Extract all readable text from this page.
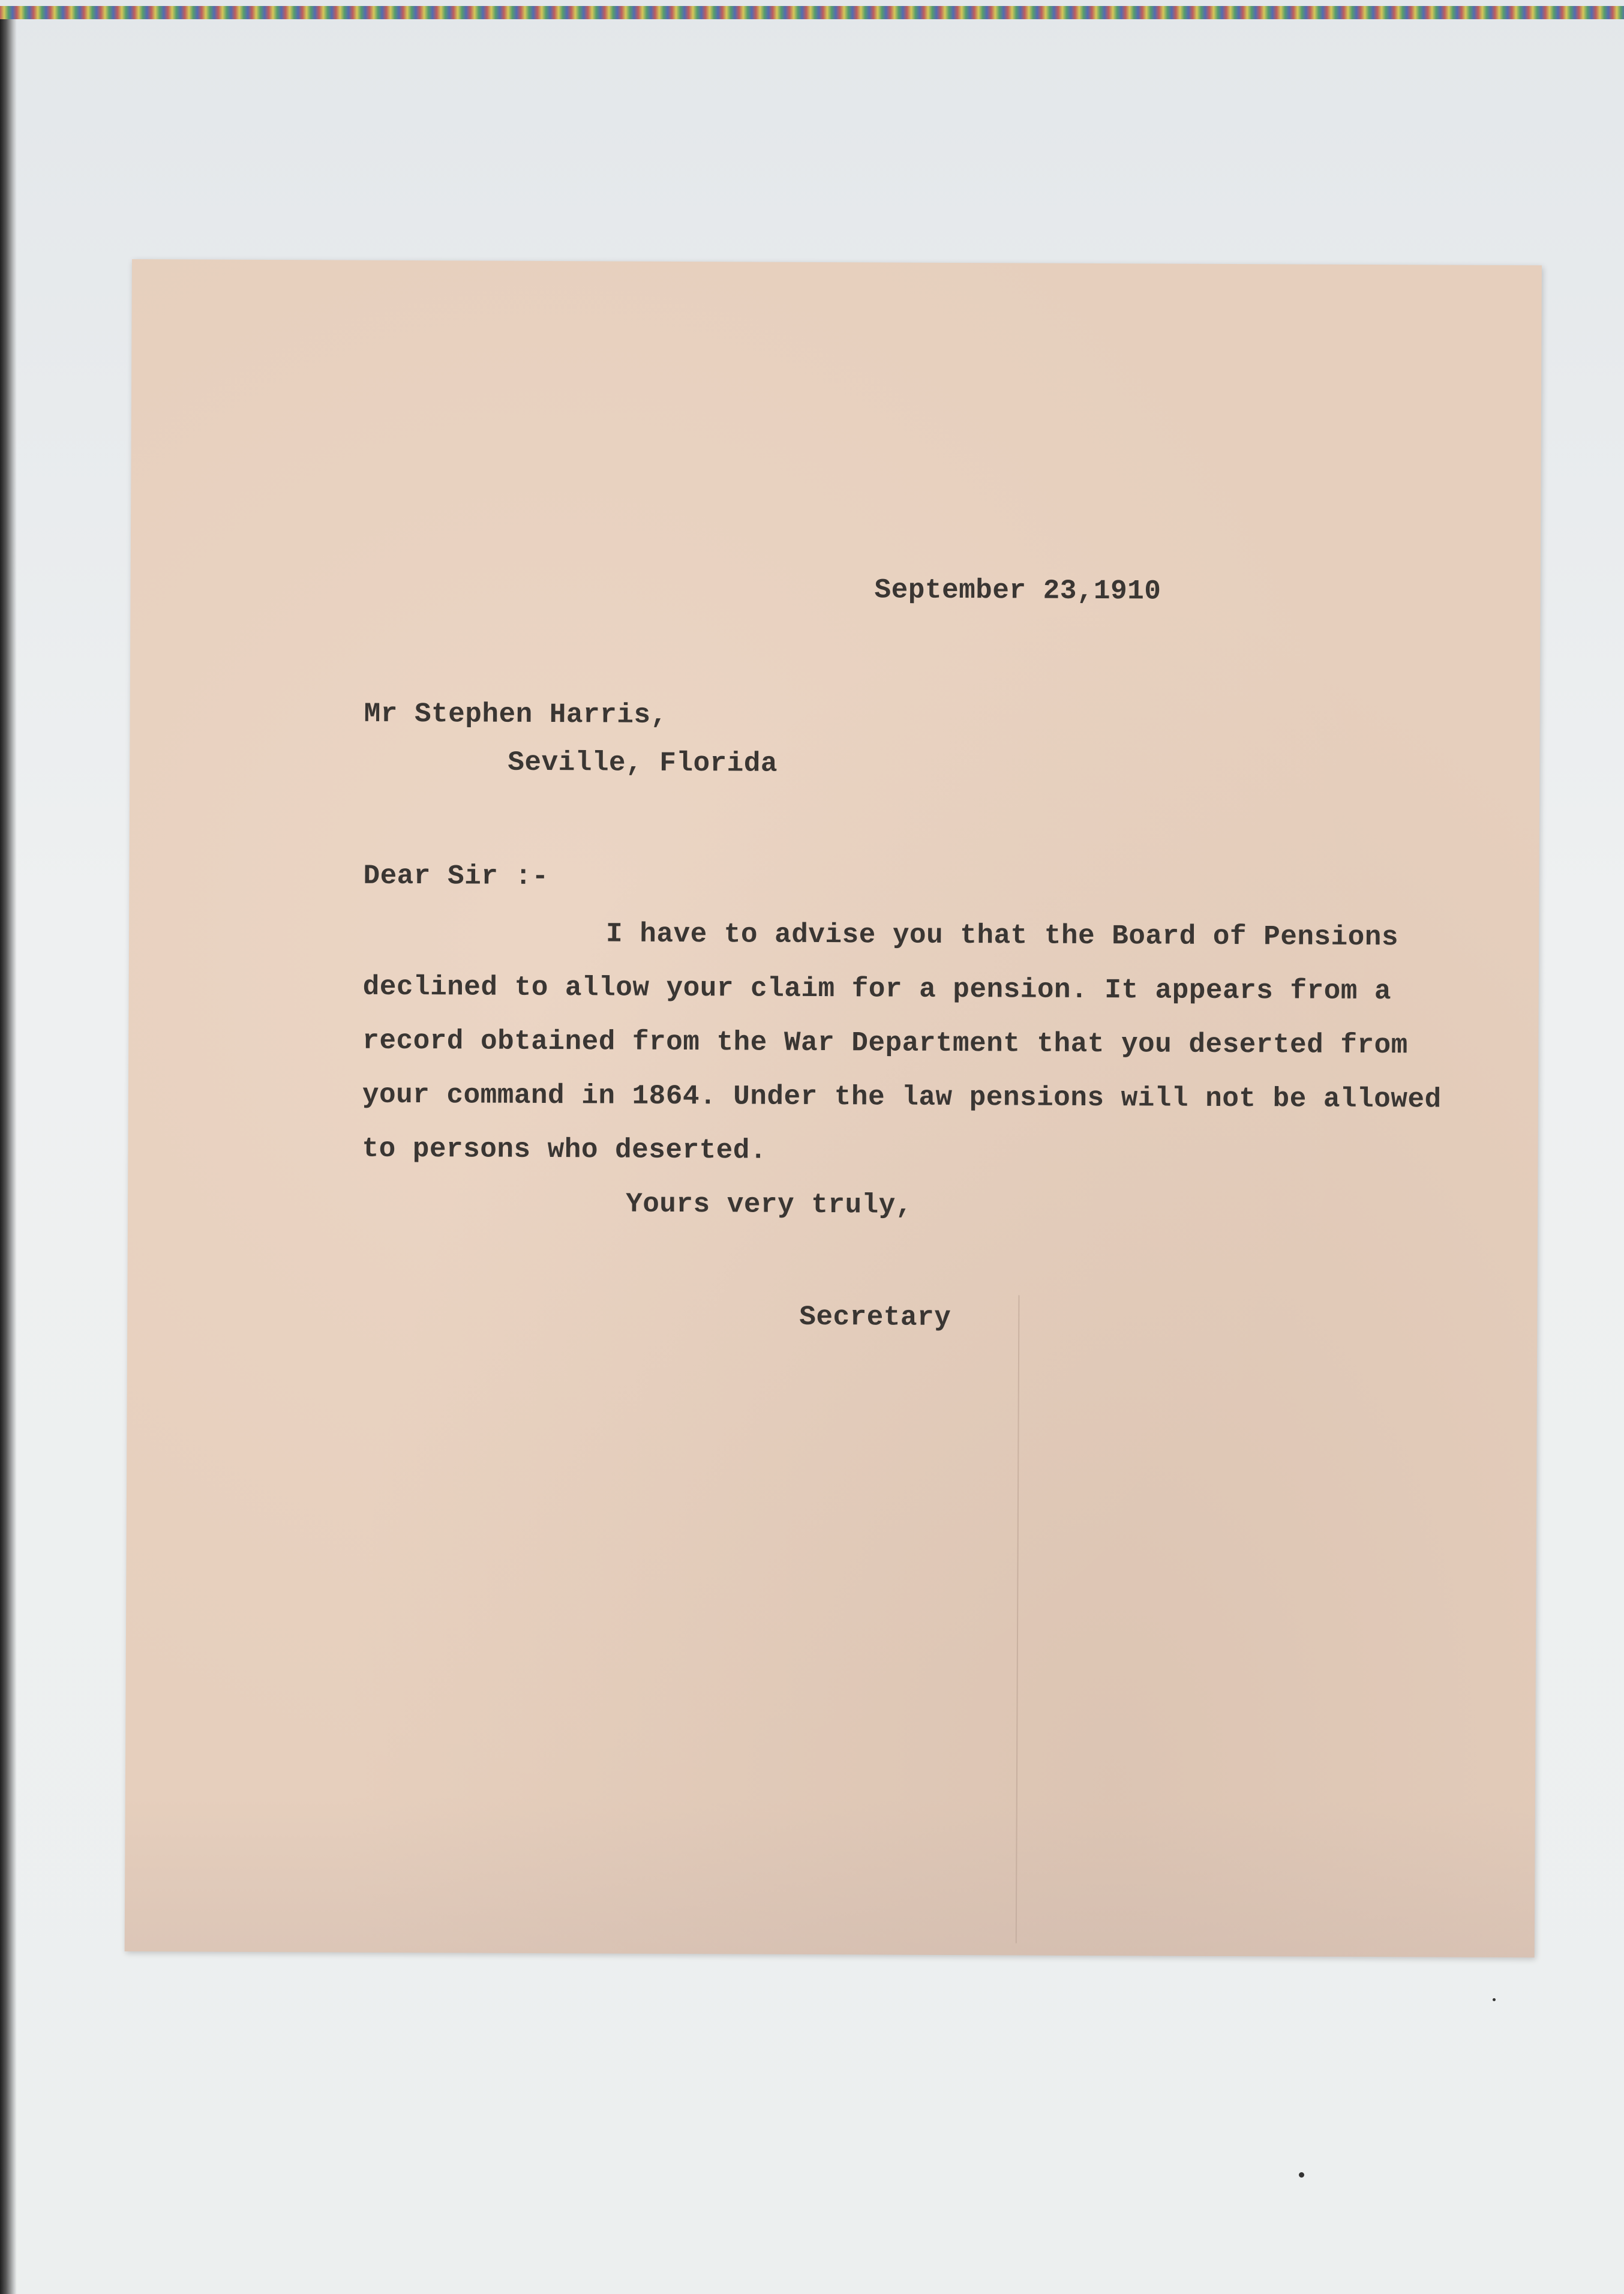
September 23,1910

Mr Stephen Harris,

Seville, Florida

Dear Sir :-

I have to advise you that the Board of Pensions

declined to allow your claim for a pension. It appears from a

record obtained from the War Department that you deserted from

your command in 1864. Under the law pensions will not be allowed

to persons who deserted.

Yours very truly,

Secretary
